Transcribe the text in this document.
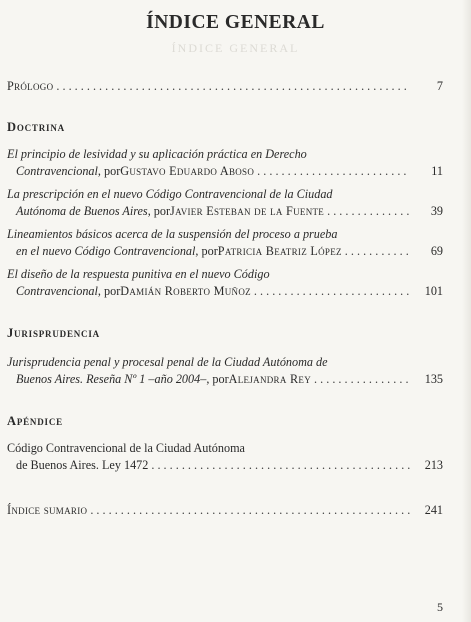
ÍNDICE GENERAL
ÍNDICE GENERAL
Prólogo . . .	7
Doctrina
El principio de lesividad y su aplicación práctica en Derecho
Contravencional , por Gustavo Eduardo Aboso . . .	11
La prescripción en el nuevo Código Contravencional de la Ciudad
Autónoma de Buenos Aires , por Javier Esteban de la Fuente . . .	39
Lineamientos básicos acerca de la suspensión del proceso a prueba
en el nuevo Código Contravencional , por Patricia Beatriz López . . .	69
El diseño de la respuesta punitiva en el nuevo Código
Contravencional , por Damián Roberto Muñoz . . .	101
Jurisprudencia
Jurisprudencia penal y procesal penal de la Ciudad Autónoma de
Buenos Aires. Reseña Nº 1 –año 2004– , por Alejandra Rey . . .	135
Apéndice
Código Contravencional de la Ciudad Autónoma
de Buenos Aires. Ley 1472 . . .	213
Índice sumario . . .	241
5
